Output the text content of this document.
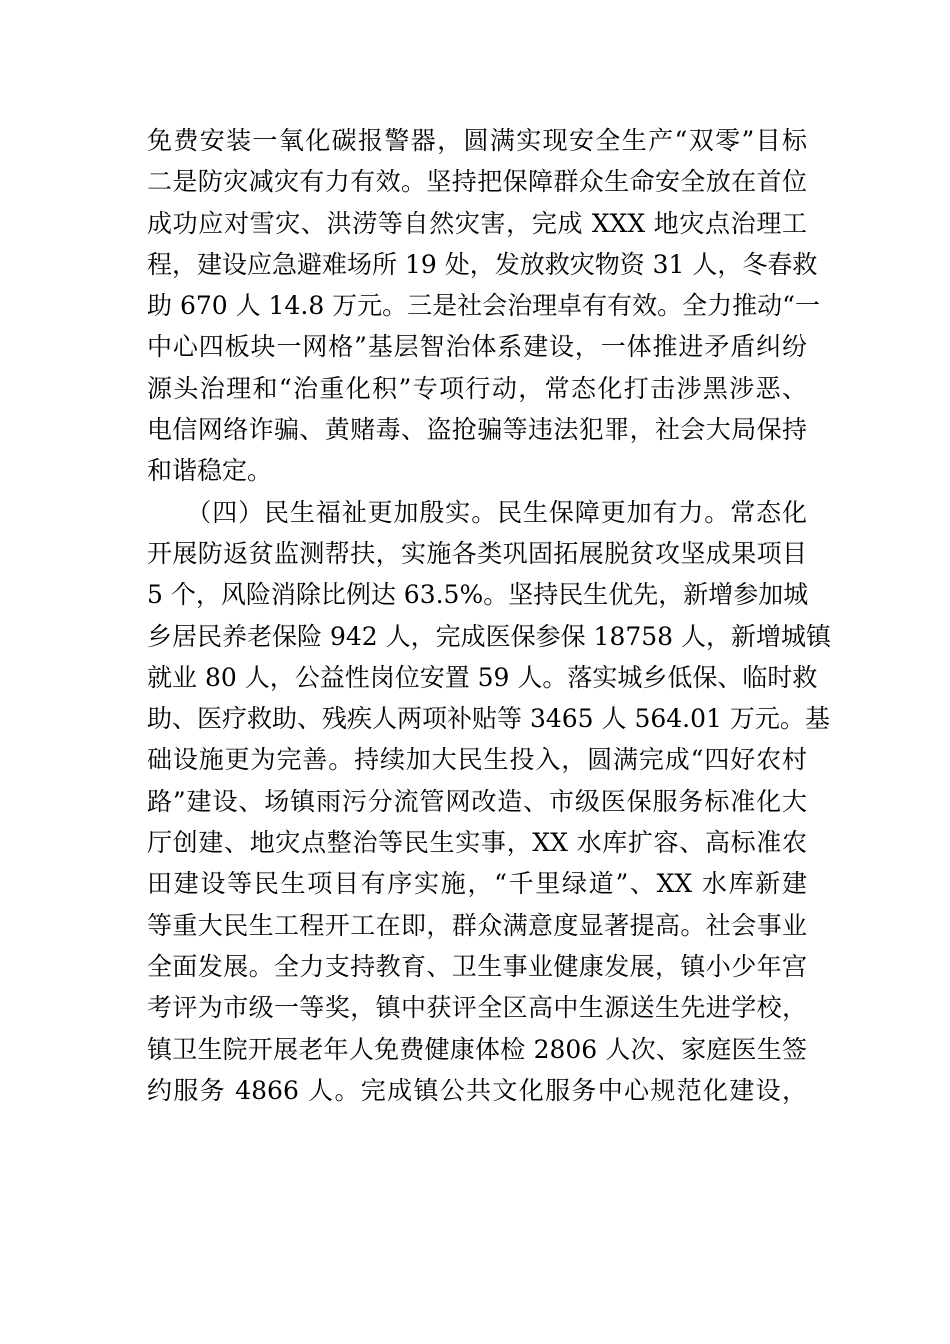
免费安装一氧化碳报警器，圆满实现安全生产“双零”目标
二是防灾减灾有力有效。坚持把保障群众生命安全放在首位
成功应对雪灾、洪涝等自然灾害，完成 XXX 地灾点治理工
程，建设应急避难场所 19 处，发放救灾物资 31 人，冬春救
助 670 人 14.8 万元。三是社会治理卓有有效。全力推动“一
中心四板块一网格”基层智治体系建设，一体推进矛盾纠纷
源头治理和“治重化积”专项行动，常态化打击涉黑涉恶、
电信网络诈骗、黄赌毒、盗抢骗等违法犯罪，社会大局保持
和谐稳定。
　　（四）民生福祉更加殷实。民生保障更加有力。常态化
开展防返贫监测帮扶，实施各类巩固拓展脱贫攻坚成果项目
5 个，风险消除比例达 63.5%。坚持民生优先，新增参加城
乡居民养老保险 942 人，完成医保参保 18758 人，新增城镇
就业 80 人，公益性岗位安置 59 人。落实城乡低保、临时救
助、医疗救助、残疾人两项补贴等 3465 人 564.01 万元。基
础设施更为完善。持续加大民生投入，圆满完成“四好农村
路”建设、场镇雨污分流管网改造、市级医保服务标准化大
厅创建、地灾点整治等民生实事，XX 水库扩容、高标准农
田建设等民生项目有序实施，“千里绿道”、XX 水库新建
等重大民生工程开工在即，群众满意度显著提高。社会事业
全面发展。全力支持教育、卫生事业健康发展，镇小少年宫
考评为市级一等奖，镇中获评全区高中生源送生先进学校，
镇卫生院开展老年人免费健康体检 2806 人次、家庭医生签
约服务 4866 人。完成镇公共文化服务中心规范化建设，
